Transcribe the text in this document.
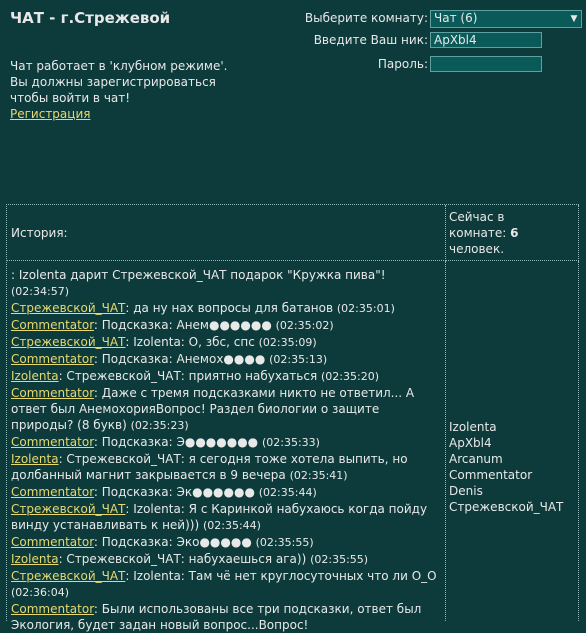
ЧАТ - г.Стрежевой
Чат работает в 'клубном режиме'.
Вы должны зарегистрироваться
чтобы войти в чат!
Регистрация
Выберите комнату: Чат (6)	▼
Введите Ваш ник: ApXbl4
Пароль:
История:
Сейчас в
комнате: 6
человек.
: Izolenta дарит Стрежевской_ЧАТ подарок "Кружка пива"! (02:34:57)
Стрежевской_ЧАТ: да ну нах вопросы для батанов (02:35:01)
Commentator: Подсказка: Анем●●●●●● (02:35:02)
Стрежевской_ЧАТ: Izolenta: О, збс, спс (02:35:09)
Commentator: Подсказка: Анемох●●●● (02:35:13)
Izolenta: Стрежевской_ЧАТ: приятно набухаться (02:35:20)
Commentator: Даже с тремя подсказками никто не ответил... А ответ был АнемохорияВопрос! Раздел биологии о защите природы? (8 букв) (02:35:23)
Commentator: Подсказка: Э●●●●●●● (02:35:33)
Izolenta: Стрежевской_ЧАТ: я сегодня тоже хотела выпить, но долбанный магнит закрывается в 9 вечера (02:35:41)
Commentator: Подсказка: Эк●●●●●● (02:35:44)
Стрежевской_ЧАТ: Izolenta: Я с Каринкой набухаюсь когда пойду винду устанавливать к ней))) (02:35:44)
Commentator: Подсказка: Эко●●●●● (02:35:55)
Izolenta: Стрежевской_ЧАТ: набухаешься ага)) (02:35:55)
Стрежевской_ЧАТ: Izolenta: Там чё нет круглосуточных что ли О_О (02:36:04)
Commentator: Были использованы все три подсказки, ответ был Экология, будет задан новый вопрос...Вопрос!
Izolenta
ApXbl4
Arcanum
Commentator
Denis
Стрежевской_ЧАТ
